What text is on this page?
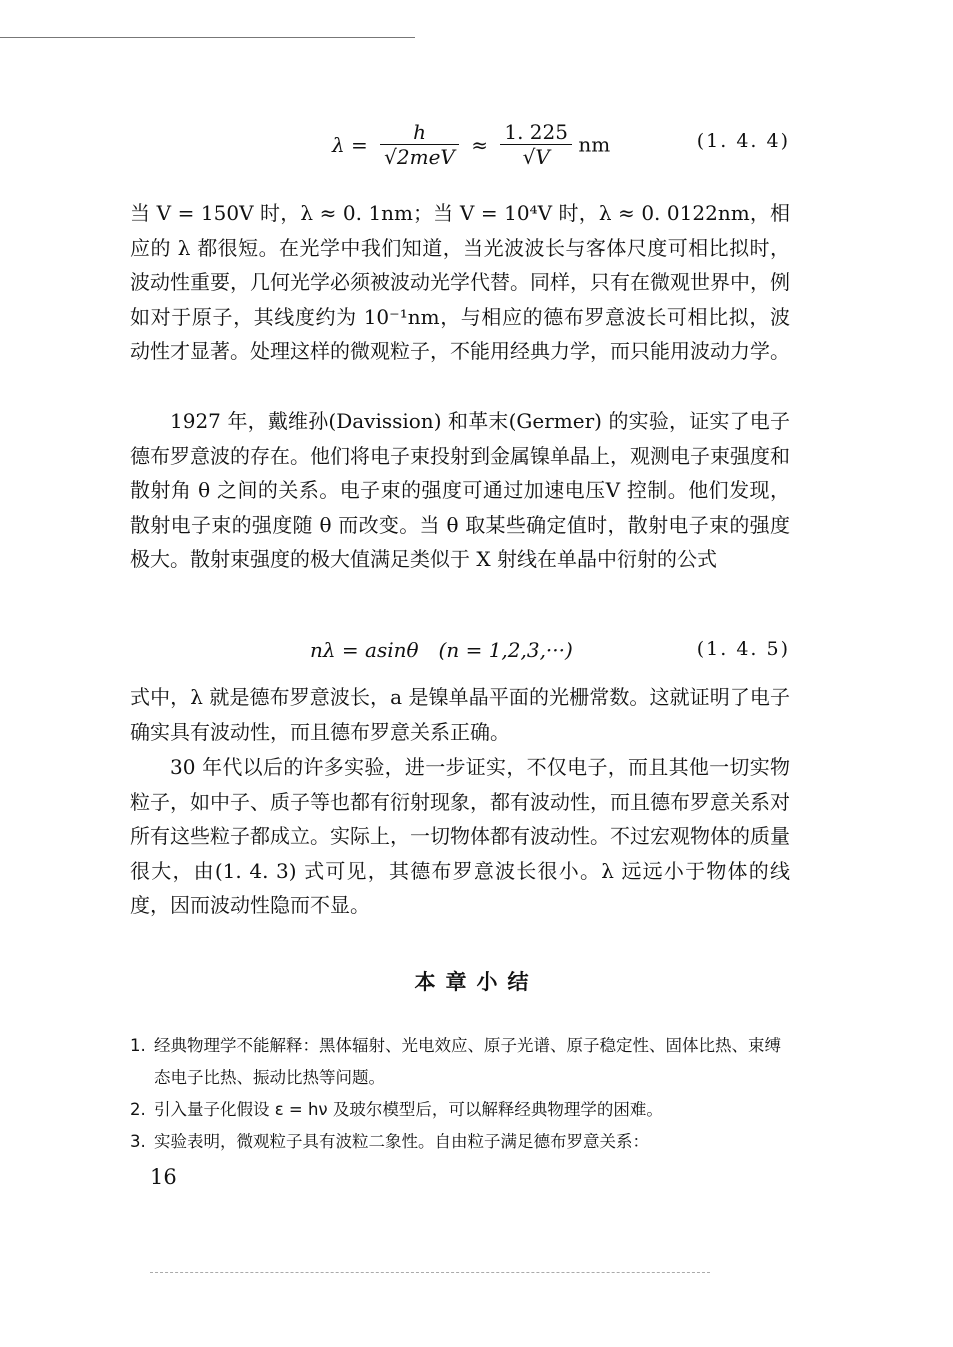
$\lambda = \frac{h}{\text{√2meV}} \approx \frac{1. 225}{√V}$ nm	(1. 4. 4)

当 V = 150V 时，λ ≈ 0. 1nm；当 V = 10⁴V 时，λ ≈ 0. 0122nm，相应的 λ 都很短。在光学中我们知道，当光波波长与客体尺度可相比拟时，波动性重要，几何光学必须被波动光学代替。同样，只有在微观世界中，例如对于原子，其线度约为 10⁻¹nm，与相应的德布罗意波长可相比拟，波动性才显著。处理这样的微观粒子，不能用经典力学，而只能用波动力学。

1927 年，戴维孙(Davission) 和革末(Germer) 的实验，证实了电子德布罗意波的存在。他们将电子束投射到金属镍单晶上，观测电子束强度和散射角 θ 之间的关系。电子束的强度可通过加速电压V 控制。他们发现，散射电子束的强度随 θ 而改变。当 θ 取某些确定值时，散射电子束的强度极大。散射束强度的极大值满足类似于 X 射线在单晶中衍射的公式

nλ = asinθ　(n = 1,2,3,···)	(1. 4. 5)

式中，λ 就是德布罗意波长，a 是镍单晶平面的光栅常数。这就证明了电子确实具有波动性，而且德布罗意关系正确。

30 年代以后的许多实验，进一步证实，不仅电子，而且其他一切实物粒子，如中子、质子等也都有衍射现象，都有波动性，而且德布罗意关系对所有这些粒子都成立。实际上，一切物体都有波动性。不过宏观物体的质量很大，由(1. 4. 3) 式可见，其德布罗意波长很小。λ 远远小于物体的线度，因而波动性隐而不显。

本章小结
1. 经典物理学不能解释：黑体辐射、光电效应、原子光谱、原子稳定性、固体比热、束缚态电子比热、振动比热等问题。
2. 引入量子化假设 ε = hν 及玻尔模型后，可以解释经典物理学的困难。
3. 实验表明，微观粒子具有波粒二象性。自由粒子满足德布罗意关系：
16
